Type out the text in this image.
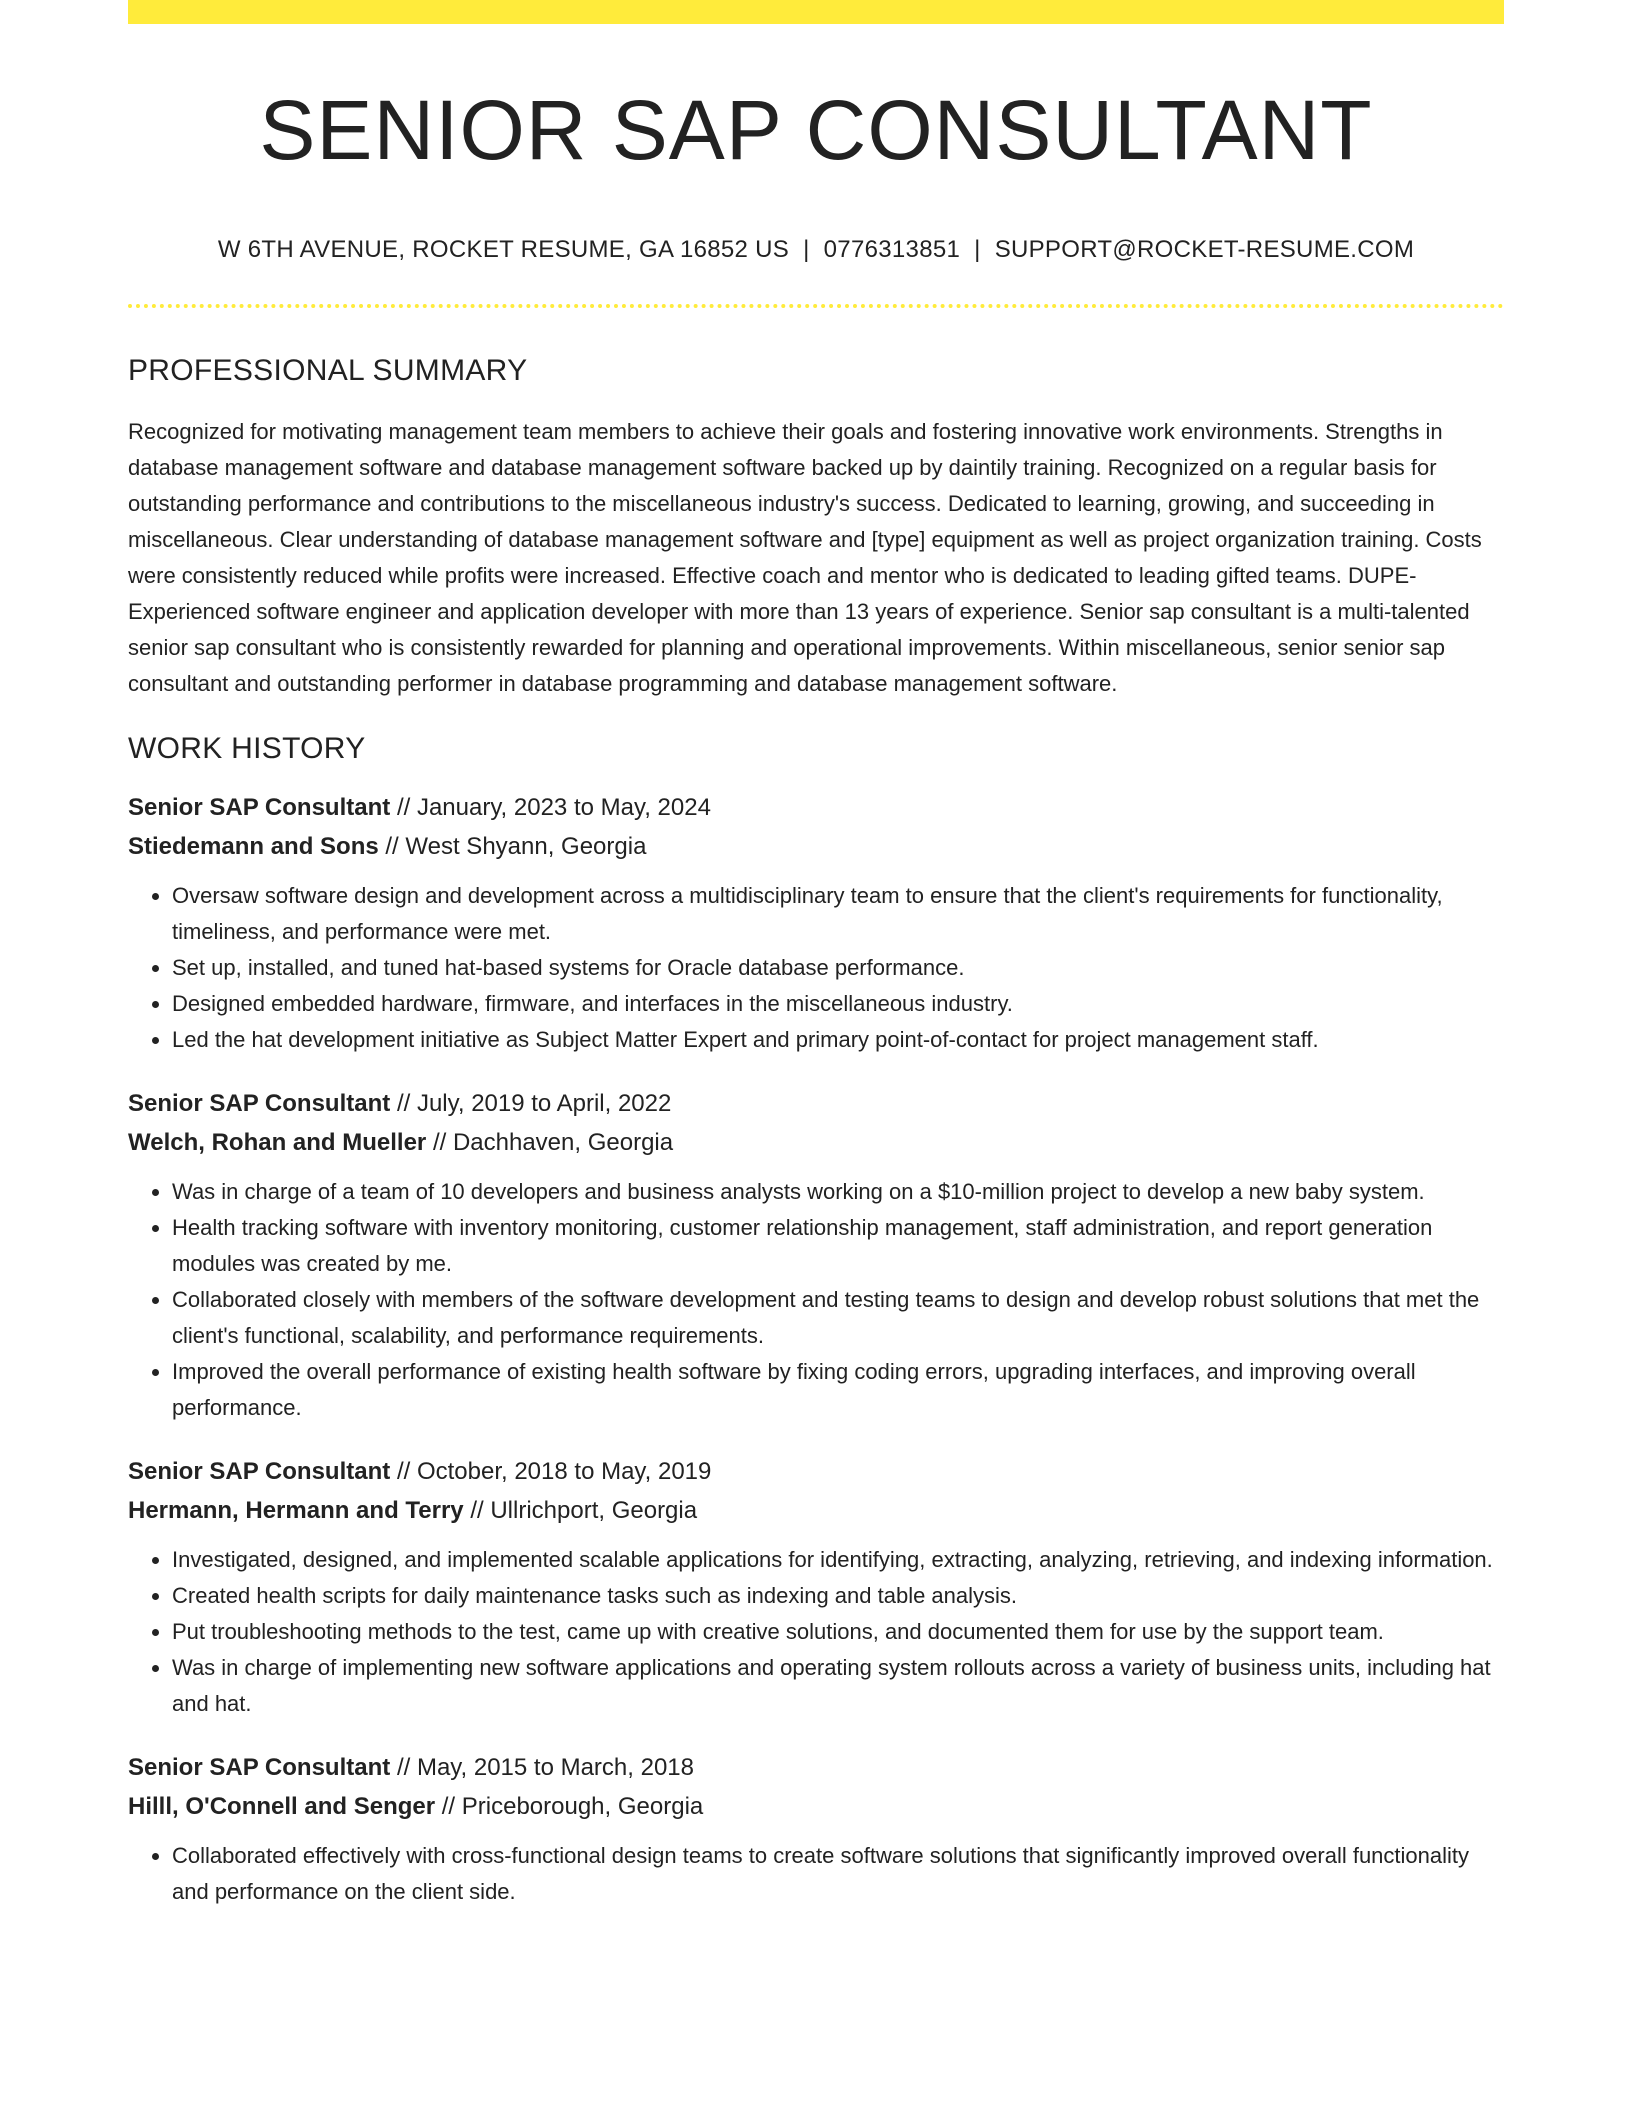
SENIOR SAP CONSULTANT
W 6TH AVENUE, ROCKET RESUME, GA 16852 US | 0776313851 | SUPPORT@ROCKET-RESUME.COM
PROFESSIONAL SUMMARY
Recognized for motivating management team members to achieve their goals and fostering innovative work environments. Strengths in database management software and database management software backed up by daintily training. Recognized on a regular basis for outstanding performance and contributions to the miscellaneous industry's success. Dedicated to learning, growing, and succeeding in miscellaneous. Clear understanding of database management software and [type] equipment as well as project organization training. Costs were consistently reduced while profits were increased. Effective coach and mentor who is dedicated to leading gifted teams. DUPE- Experienced software engineer and application developer with more than 13 years of experience. Senior sap consultant is a multi-talented senior sap consultant who is consistently rewarded for planning and operational improvements. Within miscellaneous, senior senior sap consultant and outstanding performer in database programming and database management software.
WORK HISTORY
Senior SAP Consultant // January, 2023 to May, 2024
Stiedemann and Sons // West Shyann, Georgia
• Oversaw software design and development across a multidisciplinary team to ensure that the client's requirements for functionality, timeliness, and performance were met.
• Set up, installed, and tuned hat-based systems for Oracle database performance.
• Designed embedded hardware, firmware, and interfaces in the miscellaneous industry.
• Led the hat development initiative as Subject Matter Expert and primary point-of-contact for project management staff.
Senior SAP Consultant // July, 2019 to April, 2022
Welch, Rohan and Mueller // Dachhaven, Georgia
• Was in charge of a team of 10 developers and business analysts working on a $10-million project to develop a new baby system.
• Health tracking software with inventory monitoring, customer relationship management, staff administration, and report generation modules was created by me.
• Collaborated closely with members of the software development and testing teams to design and develop robust solutions that met the client's functional, scalability, and performance requirements.
• Improved the overall performance of existing health software by fixing coding errors, upgrading interfaces, and improving overall performance.
Senior SAP Consultant // October, 2018 to May, 2019
Hermann, Hermann and Terry // Ullrichport, Georgia
• Investigated, designed, and implemented scalable applications for identifying, extracting, analyzing, retrieving, and indexing information.
• Created health scripts for daily maintenance tasks such as indexing and table analysis.
• Put troubleshooting methods to the test, came up with creative solutions, and documented them for use by the support team.
• Was in charge of implementing new software applications and operating system rollouts across a variety of business units, including hat and hat.
Senior SAP Consultant // May, 2015 to March, 2018
Hilll, O'Connell and Senger // Priceborough, Georgia
• Collaborated effectively with cross-functional design teams to create software solutions that significantly improved overall functionality and performance on the client side.
